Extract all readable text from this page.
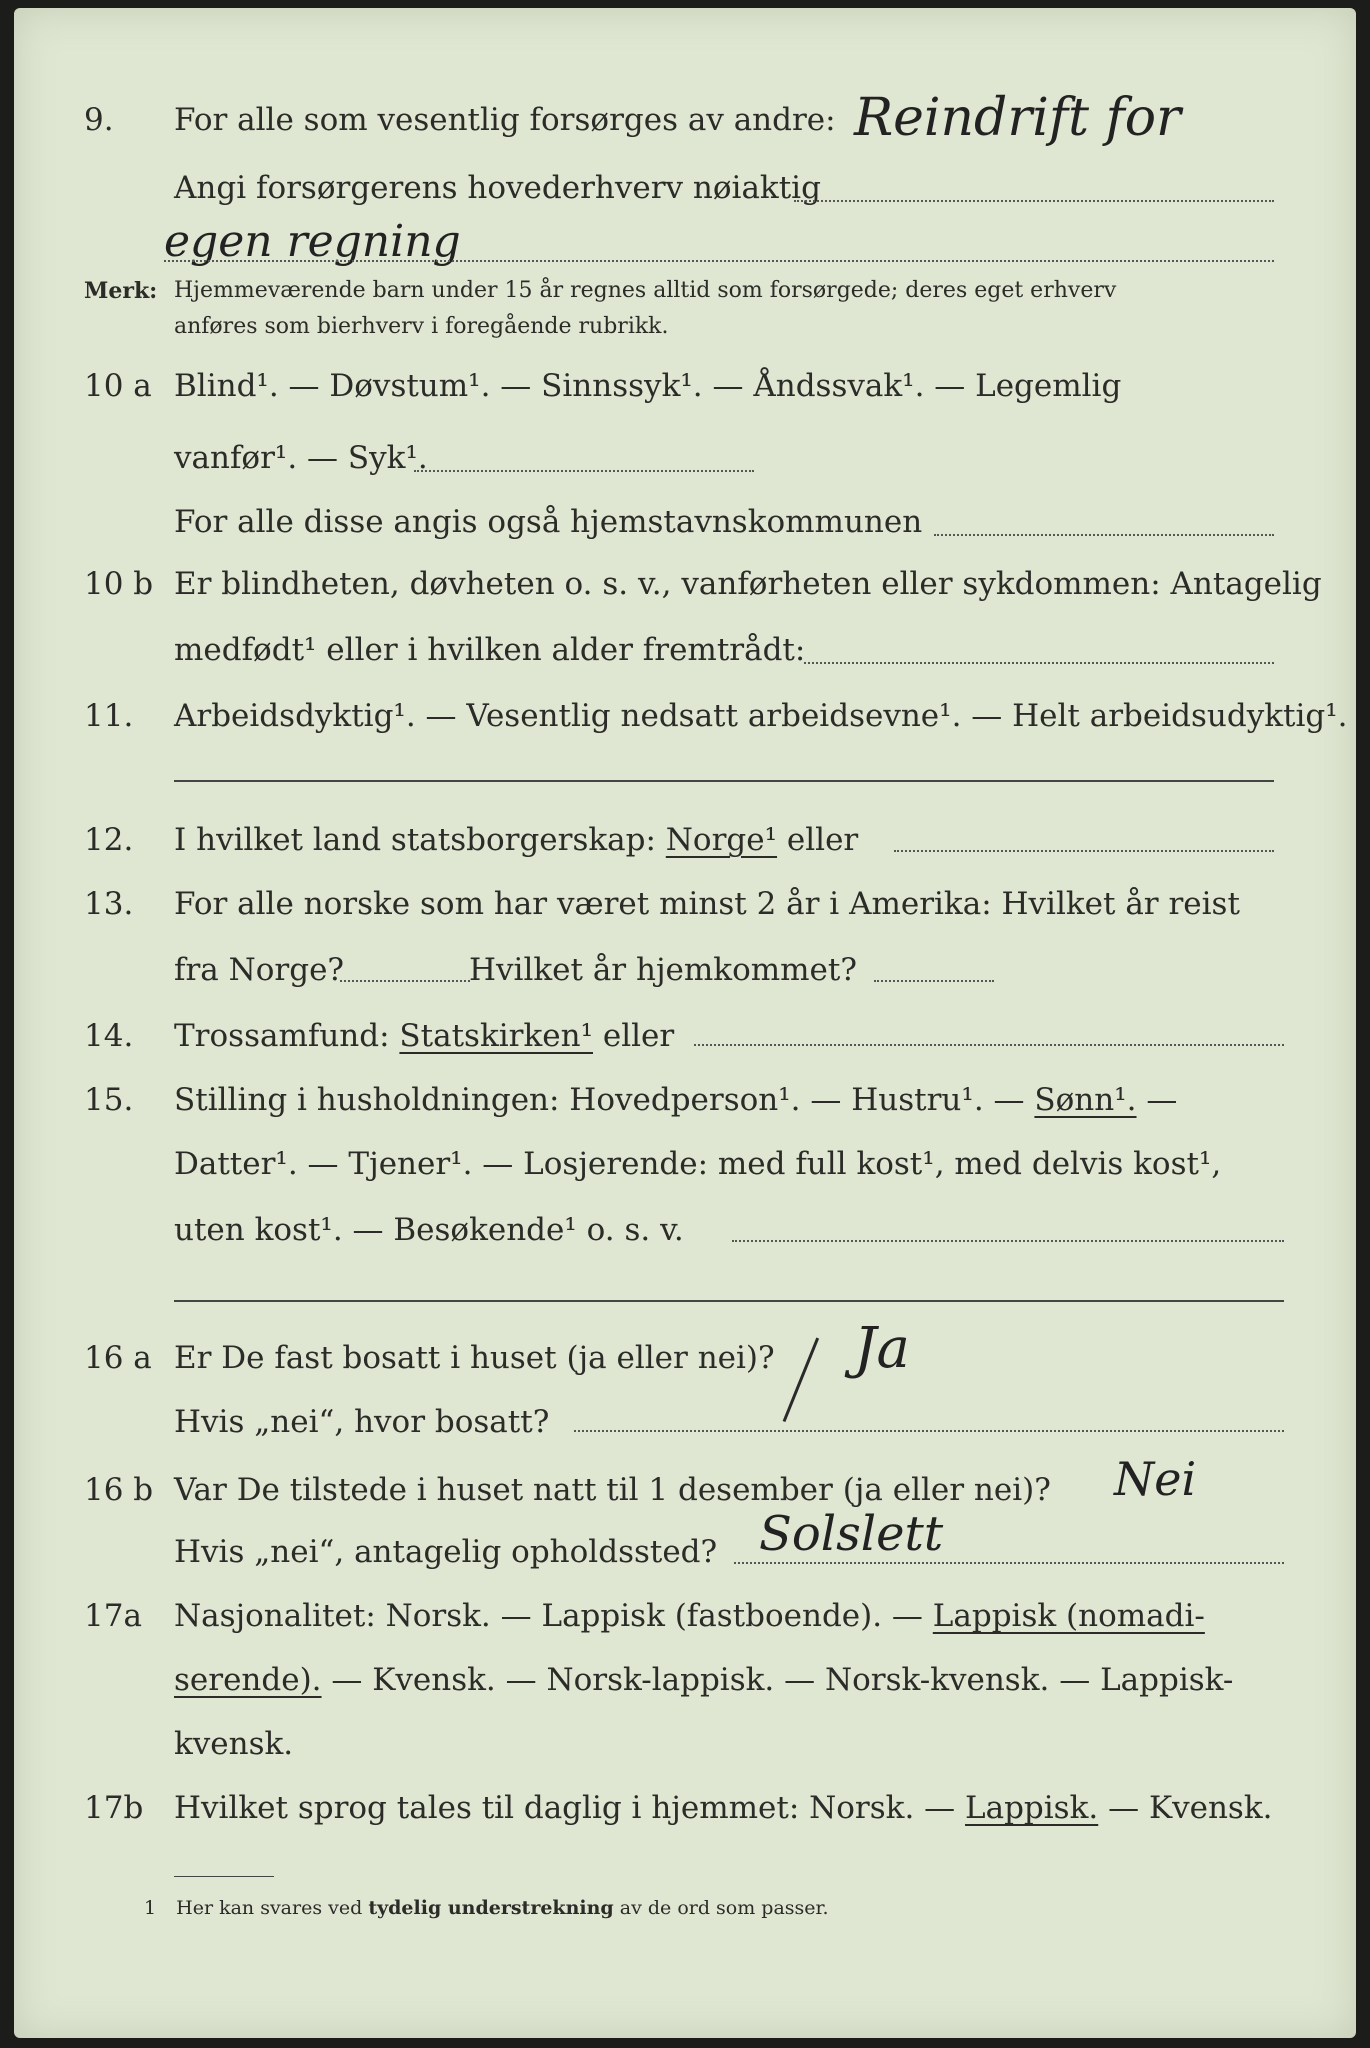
9.	For alle som vesentlig forsørges av andre: Reindrift for
Angi forsørgerens hovederhverv nøiaktig
egen regning
Merk: Hjemmeværende barn under 15 år regnes alltid som forsørgede; deres eget erhverv
anføres som bierhverv i foregående rubrikk.
10 a Blind¹. — Døvstum¹. — Sinnssyk¹. — Åndssvak¹. — Legemlig
vanfør¹. — Syk¹.
For alle disse angis også hjemstavnskommunen
10 b Er blindheten, døvheten o. s. v., vanførheten eller sykdommen: Antagelig
medfødt¹ eller i hvilken alder fremtrådt:
11.	Arbeidsdyktig¹. — Vesentlig nedsatt arbeidsevne¹. — Helt arbeidsudyktig¹.
12.	I hvilket land statsborgerskap: Norge¹ eller
13.	For alle norske som har været minst 2 år i Amerika: Hvilket år reist
fra Norge?	Hvilket år hjemkommet?
14.	Trossamfund: Statskirken¹ eller
15.	Stilling i husholdningen: Hovedperson¹. — Hustru¹. — Sønn¹. —
Datter¹. — Tjener¹. — Losjerende: med full kost¹, med delvis kost¹,
uten kost¹. — Besøkende¹ o. s. v.
16 a Er De fast bosatt i huset (ja eller nei)? Ja
Hvis „nei“, hvor bosatt?
16 b Var De tilstede i huset natt til 1 desember (ja eller nei)? Nei
Hvis „nei“, antagelig opholdssted? Solslett
17a	Nasjonalitet: Norsk. — Lappisk (fastboende). — Lappisk (nomadi-
serende). — Kvensk. — Norsk-lappisk. — Norsk-kvensk. — Lappisk-
kvensk.
17b Hvilket sprog tales til daglig i hjemmet: Norsk. — Lappisk. — Kvensk.
1 Her kan svares ved tydelig understrekning av de ord som passer.
